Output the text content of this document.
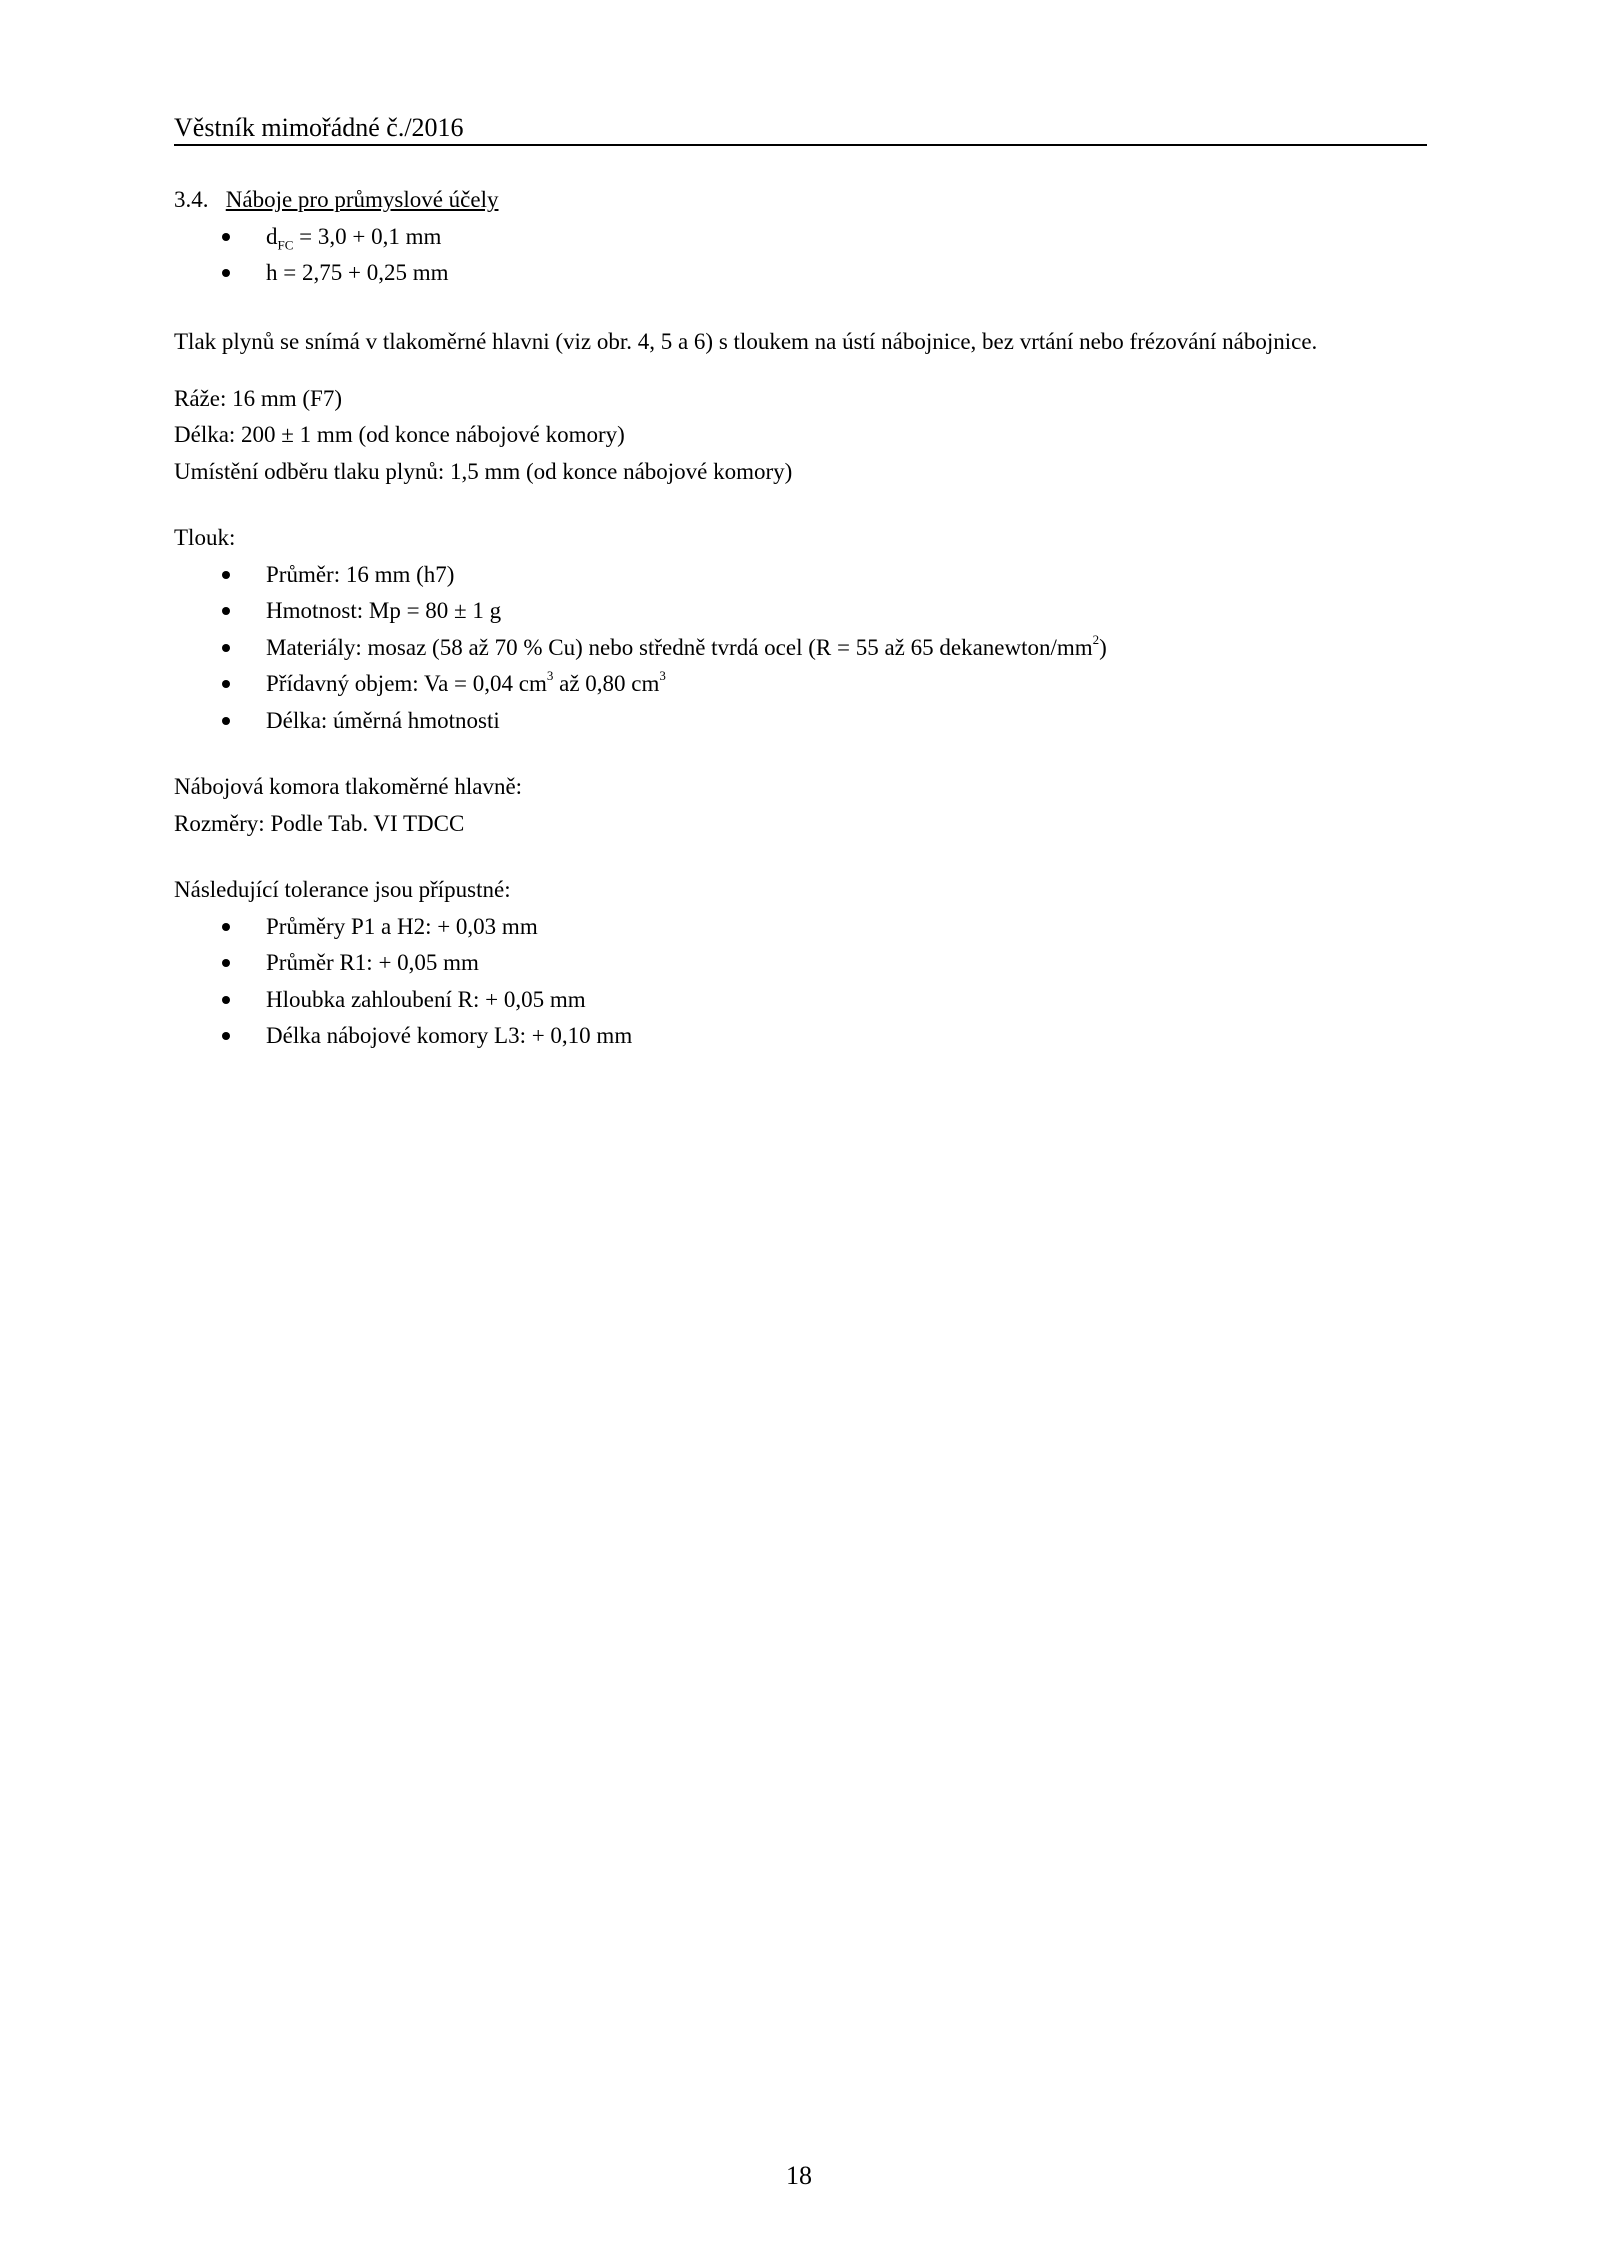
Věstník mimořádné č./2016
3.4. Náboje pro průmyslové účely
$d_{FC} = 3,0 + 0,1$ mm
h = 2,75 + 0,25 mm
Tlak plynů se snímá v tlakoměrné hlavni (viz obr. 4, 5 a 6) s tloukem na ústí nábojnice, bez vrtání nebo frézování nábojnice.
Ráže: 16 mm (F7)
Délka: 200 ± 1 mm (od konce nábojové komory)
Umístění odběru tlaku plynů: 1,5 mm (od konce nábojové komory)
Tlouk:
Průměr: 16 mm (h7)
Hmotnost: Mp = 80 ± 1 g
Materiály: mosaz (58 až 70 % Cu) nebo středně tvrdá ocel (R = 55 až 65 dekanewton/$mm^2$)
Přídavný objem: Va = 0,04 $cm^3$ až 0,80 $cm^3$
Délka: úměrná hmotnosti
Nábojová komora tlakoměrné hlavně:
Rozměry: Podle Tab. VI TDCC
Následující tolerance jsou přípustné:
Průměry P1 a H2: + 0,03 mm
Průměr R1: + 0,05 mm
Hloubka zahloubení R: + 0,05 mm
Délka nábojové komory L3: + 0,10 mm
18
